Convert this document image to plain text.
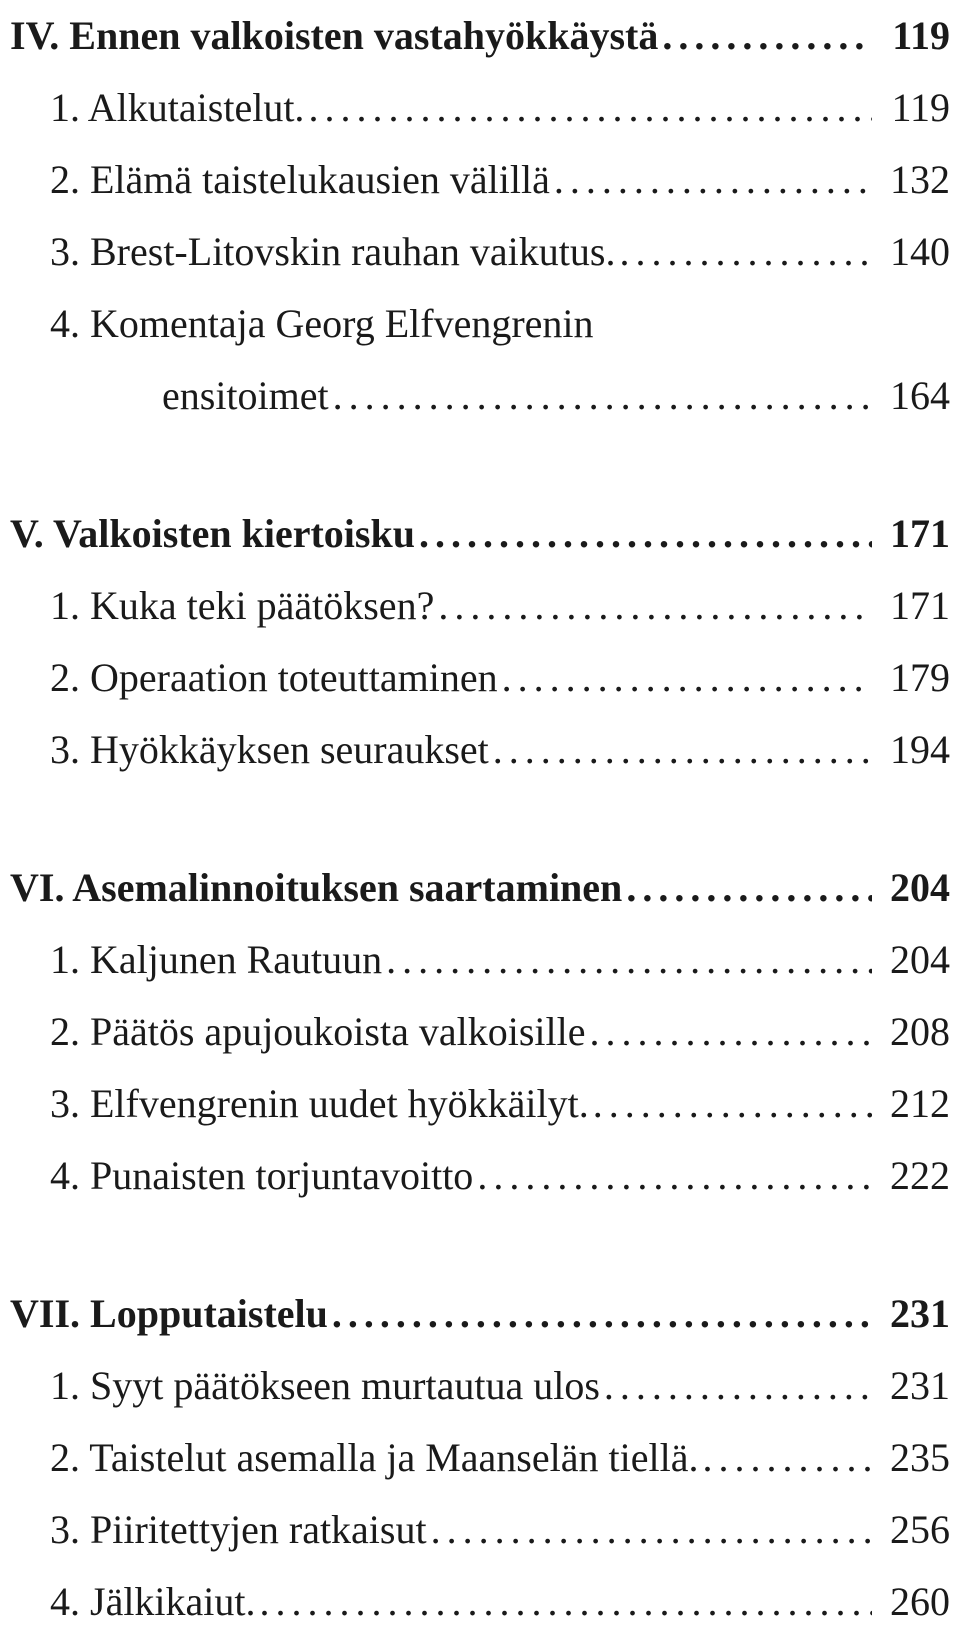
IV. Ennen valkoisten vastahyökkäystä . . .	119
1. Alkutaistelut. . . .	119
2. Elämä taistelukausien välillä . . .	132
3. Brest-Litovskin rauhan vaikutus. . . .	140
4. Komentaja Georg Elfvengrenin
ensitoimet . . .	164
V. Valkoisten kiertoisku . . .	171
1. Kuka teki päätöksen? . . .	171
2. Operaation toteuttaminen . . .	179
3. Hyökkäyksen seuraukset . . .	194
VI. Asemalinnoituksen saartaminen . . .	204
1. Kaljunen Rautuun . . .	204
2. Päätös apujoukoista valkoisille . . .	208
3. Elfvengrenin uudet hyökkäilyt. . . .	212
4. Punaisten torjuntavoitto . . .	222
VII. Lopputaistelu . . .	231
1. Syyt päätökseen murtautua ulos . . .	231
2. Taistelut asemalla ja Maanselän tiellä. . . .	235
3. Piiritettyjen ratkaisut . . .	256
4. Jälkikaiut. . . .	260
